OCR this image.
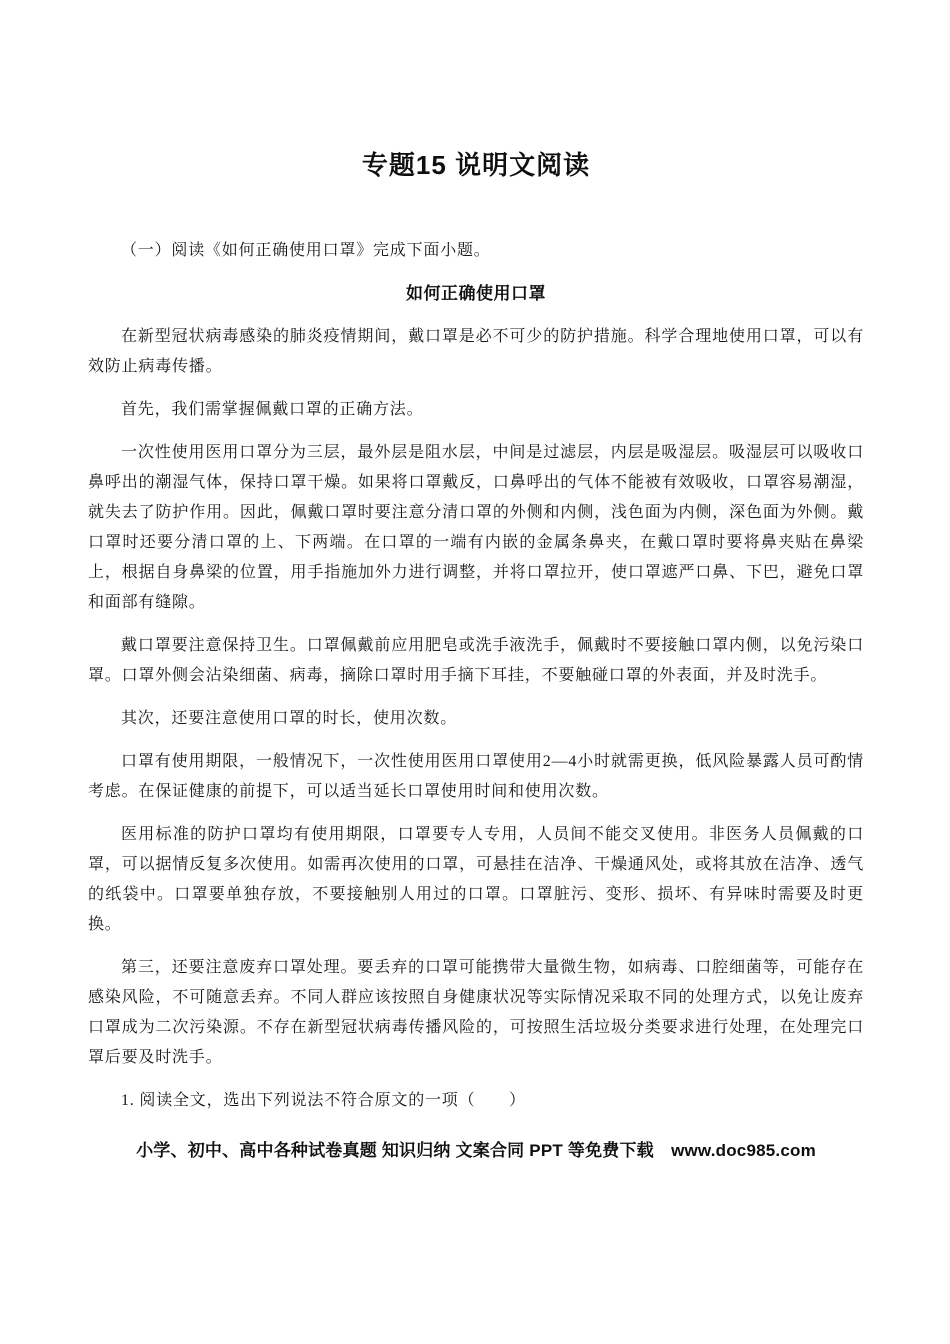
专题15 说明文阅读

（一）阅读《如何正确使用口罩》完成下面小题。

如何正确使用口罩

在新型冠状病毒感染的肺炎疫情期间，戴口罩是必不可少的防护措施。科学合理地使用口罩，可以有效防止病毒传播。

首先，我们需掌握佩戴口罩的正确方法。

一次性使用医用口罩分为三层，最外层是阻水层，中间是过滤层，内层是吸湿层。吸湿层可以吸收口鼻呼出的潮湿气体，保持口罩干燥。如果将口罩戴反，口鼻呼出的气体不能被有效吸收，口罩容易潮湿，就失去了防护作用。因此，佩戴口罩时要注意分清口罩的外侧和内侧，浅色面为内侧，深色面为外侧。戴口罩时还要分清口罩的上、下两端。在口罩的一端有内嵌的金属条鼻夹，在戴口罩时要将鼻夹贴在鼻梁上，根据自身鼻梁的位置，用手指施加外力进行调整，并将口罩拉开，使口罩遮严口鼻、下巴，避免口罩和面部有缝隙。

戴口罩要注意保持卫生。口罩佩戴前应用肥皂或洗手液洗手，佩戴时不要接触口罩内侧，以免污染口罩。口罩外侧会沾染细菌、病毒，摘除口罩时用手摘下耳挂，不要触碰口罩的外表面，并及时洗手。

其次，还要注意使用口罩的时长，使用次数。

口罩有使用期限，一般情况下，一次性使用医用口罩使用2—4小时就需更换，低风险暴露人员可酌情考虑。在保证健康的前提下，可以适当延长口罩使用时间和使用次数。

医用标准的防护口罩均有使用期限，口罩要专人专用，人员间不能交叉使用。非医务人员佩戴的口罩，可以据情反复多次使用。如需再次使用的口罩，可悬挂在洁净、干燥通风处，或将其放在洁净、透气的纸袋中。口罩要单独存放，不要接触别人用过的口罩。口罩脏污、变形、损坏、有异味时需要及时更换。

第三，还要注意废弃口罩处理。要丢弃的口罩可能携带大量微生物，如病毒、口腔细菌等，可能存在感染风险，不可随意丢弃。不同人群应该按照自身健康状况等实际情况采取不同的处理方式，以免让废弃口罩成为二次污染源。不存在新型冠状病毒传播风险的，可按照生活垃圾分类要求进行处理，在处理完口罩后要及时洗手。

1. 阅读全文，选出下列说法不符合原文的一项（　　）

小学、初中、高中各种试卷真题 知识归纳 文案合同 PPT 等免费下载　www.doc985.com
